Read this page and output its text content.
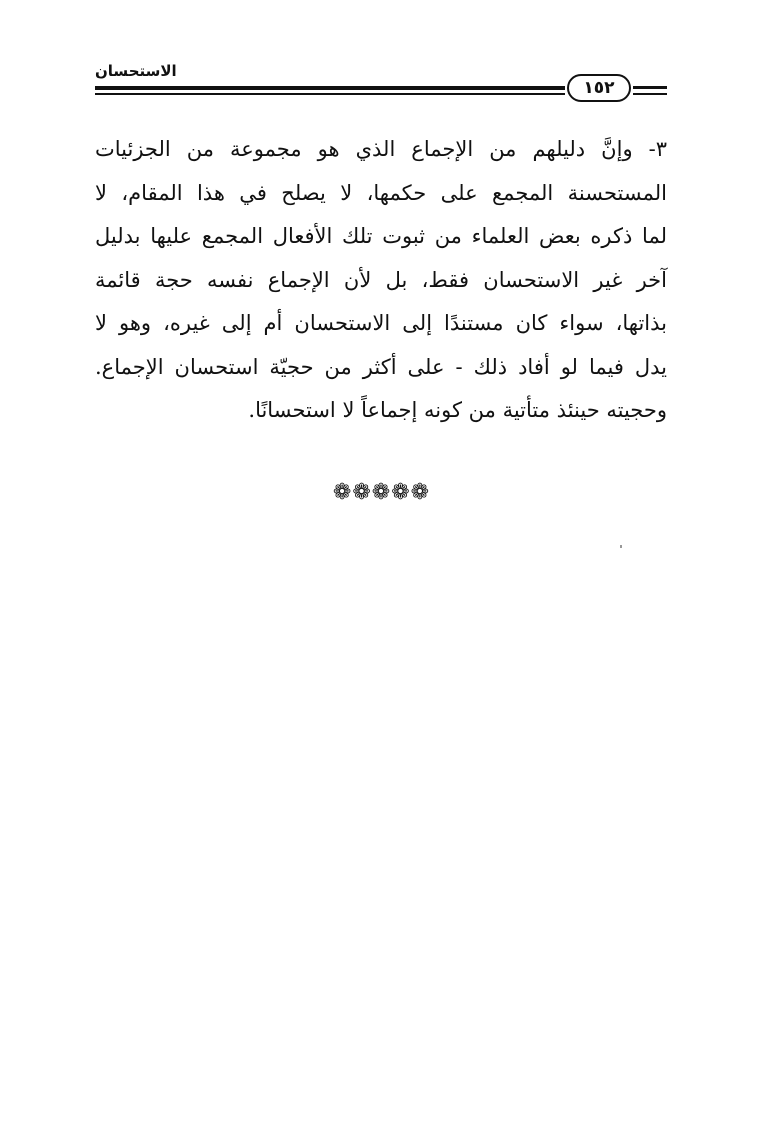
الاستحسان
١٥٢
٣- وإنَّ دليلهم من الإجماع الذي هو مجموعة من الجزئيات
المستحسنة المجمع على حكمها، لا يصلح في هذا المقام، لا
لما ذكره بعض العلماء من ثبوت تلك الأفعال المجمع عليها بدليل
آخر غير الاستحسان فقط، بل لأن الإجماع نفسه حجة قائمة
بذاتها، سواء كان مستندًا إلى الاستحسان أم إلى غيره، وهو لا
يدل فيما لو أفاد ذلك - على أكثر من حجيّة استحسان الإجماع.
وحجيته حينئذ متأتية من كونه إجماعاً لا استحسانًا.
❁❁❁❁❁
